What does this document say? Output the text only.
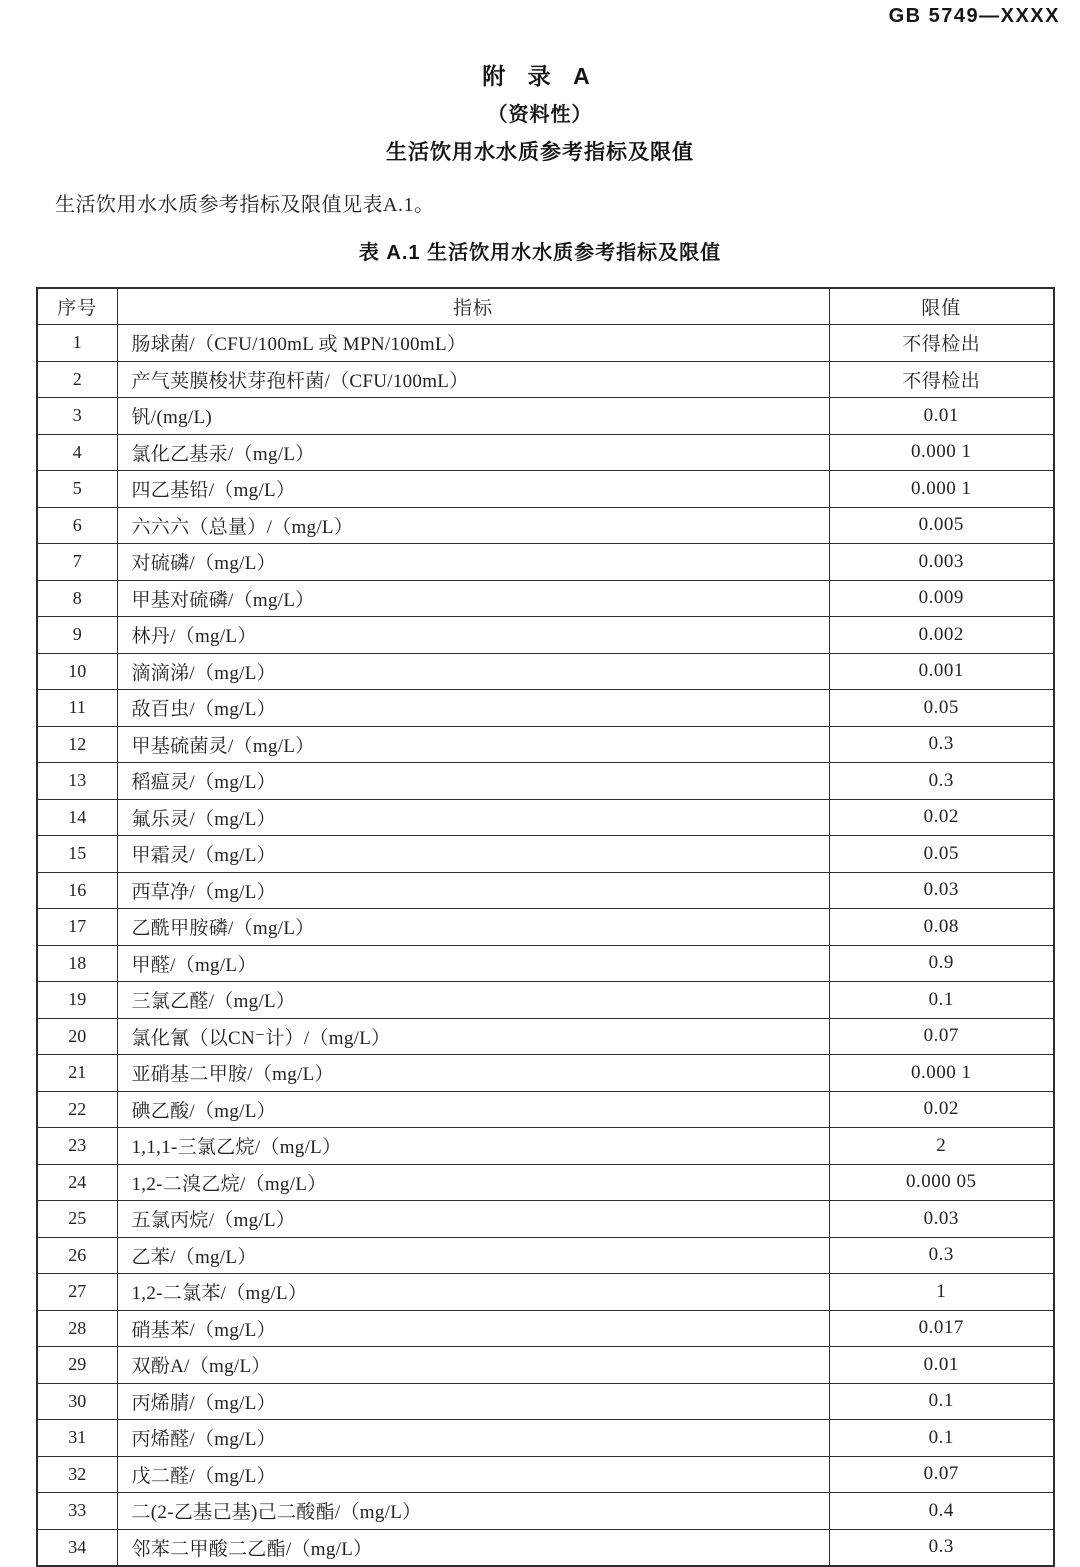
GB 5749—XXXX
附 录 A
（资料性）
生活饮用水水质参考指标及限值

生活饮用水水质参考指标及限值见表A.1。

表 A.1 生活饮用水水质参考指标及限值
序号	指标	限值
1	肠球菌/（CFU/100mL 或 MPN/100mL）	不得检出
2	产气荚膜梭状芽孢杆菌/（CFU/100mL）	不得检出
3	钒/(mg/L)	0.01
4	氯化乙基汞/（mg/L）	0.000 1
5	四乙基铅/（mg/L）	0.000 1
6	六六六（总量）/（mg/L）	0.005
7	对硫磷/（mg/L）	0.003
8	甲基对硫磷/（mg/L）	0.009
9	林丹/（mg/L）	0.002
10	滴滴涕/（mg/L）	0.001
11	敌百虫/（mg/L）	0.05
12	甲基硫菌灵/（mg/L）	0.3
13	稻瘟灵/（mg/L）	0.3
14	氟乐灵/（mg/L）	0.02
15	甲霜灵/（mg/L）	0.05
16	西草净/（mg/L）	0.03
17	乙酰甲胺磷/（mg/L）	0.08
18	甲醛/（mg/L）	0.9
19	三氯乙醛/（mg/L）	0.1
20	氯化氰（以CN⁻计）/（mg/L）	0.07
21	亚硝基二甲胺/（mg/L）	0.000 1
22	碘乙酸/（mg/L）	0.02
23	1,1,1-三氯乙烷/（mg/L）	2
24	1,2-二溴乙烷/（mg/L）	0.000 05
25	五氯丙烷/（mg/L）	0.03
26	乙苯/（mg/L）	0.3
27	1,2-二氯苯/（mg/L）	1
28	硝基苯/（mg/L）	0.017
29	双酚A/（mg/L）	0.01
30	丙烯腈/（mg/L）	0.1
31	丙烯醛/（mg/L）	0.1
32	戊二醛/（mg/L）	0.07
33	二(2-乙基己基)己二酸酯/（mg/L）	0.4
34	邻苯二甲酸二乙酯/（mg/L）	0.3
